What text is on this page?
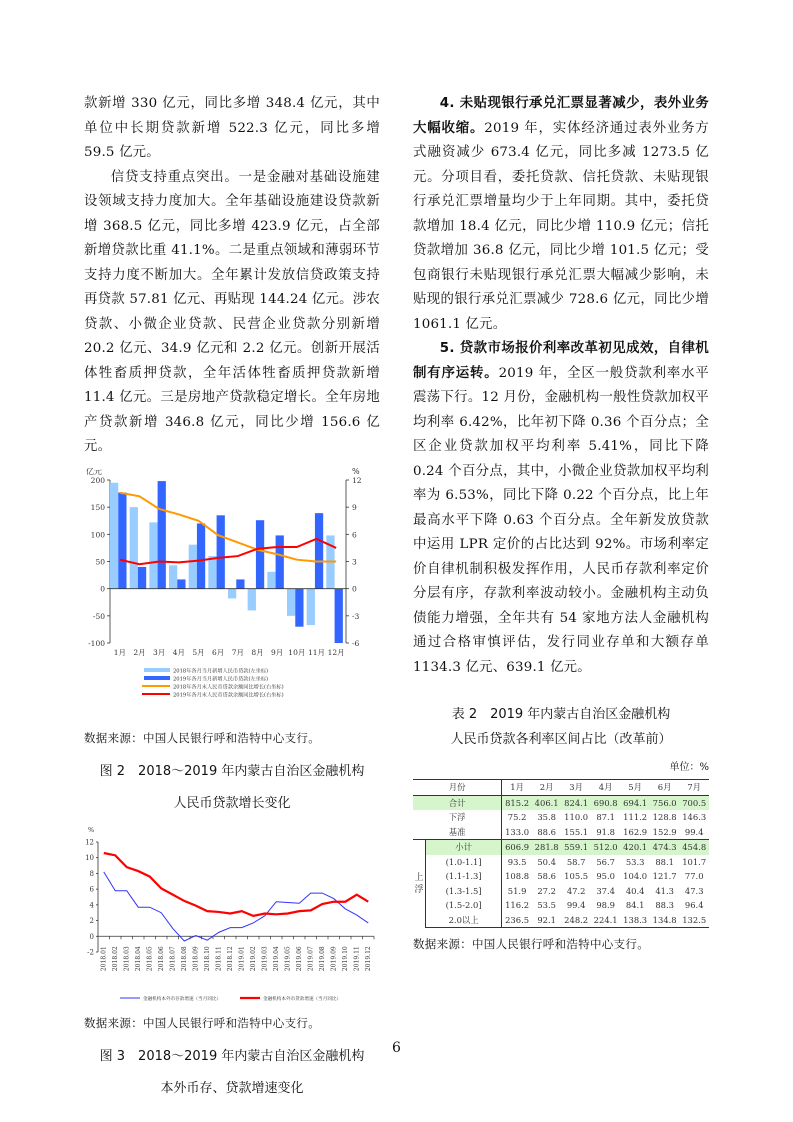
款新增 330 亿元，同比多增 348.4 亿元，其中单位中长期贷款新增 522.3 亿元，同比多增 59.5 亿元。

信贷支持重点突出。一是金融对基础设施建设领域支持力度加大。全年基础设施建设贷款新增 368.5 亿元，同比多增 423.9 亿元，占全部新增贷款比重 41.1%。二是重点领域和薄弱环节支持力度不断加大。全年累计发放信贷政策支持再贷款 57.81 亿元、再贴现 144.24 亿元。涉农贷款、小微企业贷款、民营企业贷款分别新增 20.2 亿元、34.9 亿元和 2.2 亿元。创新开展活体牲畜质押贷款，全年活体牲畜质押贷款新增 11.4 亿元。三是房地产贷款稳定增长。全年房地产贷款新增 346.8 亿元，同比少增 156.6 亿元。

亿元	%
200
150
100
50
0
-50
-100
12
9
6
3
0
-3
-6
1月 2月 3月 4月 5月 6月 7月 8月 9月 10月 11月 12月
2018年各月当月新增人民币贷款(左坐标)
2019年各月当月新增人民币贷款(左坐标)
2018年各月末人民币贷款余额同比增长(右坐标)
2019年各月末人民币贷款余额同比增长(右坐标)

数据来源：中国人民银行呼和浩特中心支行。

图 2　2018～2019 年内蒙古自治区金融机构

人民币贷款增长变化

%
12
10
8
6
4
2
0
-2 2018.01 2018.02 2018.03 2018.04 2018.05 2018.06 2018.07 2018.08 2018.09 2018.10 2018.11 2018.12 2019.01 2019.02 2019.03 2019.04 2019.05 2019.06 2019.07 2019.08 2019.09 2019.10 2019.11 2019.12
金融机构本外币存款增速（当月同比）	金融机构本外币贷款增速（当月同比）

数据来源：中国人民银行呼和浩特中心支行。

图 3　2018～2019 年内蒙古自治区金融机构

本外币存、贷款增速变化

4. 未贴现银行承兑汇票显著减少，表外业务大幅收缩。2019 年，实体经济通过表外业务方式融资减少 673.4 亿元，同比多减 1273.5 亿元。分项目看，委托贷款、信托贷款、未贴现银行承兑汇票增量均少于上年同期。其中，委托贷款增加 18.4 亿元，同比少增 110.9 亿元；信托贷款增加 36.8 亿元，同比少增 101.5 亿元；受包商银行未贴现银行承兑汇票大幅减少影响，未贴现的银行承兑汇票减少 728.6 亿元，同比少增 1061.1 亿元。

5. 贷款市场报价利率改革初见成效，自律机制有序运转。2019 年，全区一般贷款利率水平震荡下行。12 月份，金融机构一般性贷款加权平均利率 6.42%，比年初下降 0.36 个百分点；全区企业贷款加权平均利率 5.41%，同比下降 0.24 个百分点，其中，小微企业贷款加权平均利率为 6.53%，同比下降 0.22 个百分点，比上年最高水平下降 0.63 个百分点。全年新发放贷款中运用 LPR 定价的占比达到 92%。市场利率定价自律机制积极发挥作用，人民币存款利率定价分层有序，存款利率波动较小。金融机构主动负债能力增强，全年共有 54 家地方法人金融机构通过合格审慎评估，发行同业存单和大额存单 1134.3 亿元、639.1 亿元。

表 2　2019 年内蒙古自治区金融机构

人民币贷款各利率区间占比（改革前）

单位：%

月份		1月	2月	3月	4月	5月	6月	7月
合计		815.2	406.1	824.1	690.8	694.1	756.0	700.5
下浮		75.2	35.8	110.0	87.1	111.2	128.8	146.3
基准		133.0	88.6	155.1	91.8	162.9	152.9	99.4
上浮	小计	606.9	281.8	559.1	512.0	420.1	474.3	454.8
	(1.0-1.1]	93.5	50.4	58.7	56.7	53.3	88.1	101.7
	(1.1-1.3]	108.8	58.6	105.5	95.0	104.0	121.7	77.0
	(1.3-1.5]	51.9	27.2	47.2	37.4	40.4	41.3	47.3
	(1.5-2.0]	116.2	53.5	99.4	98.9	84.1	88.3	96.4
	2.0以上	236.5	92.1	248.2	224.1	138.3	134.8	132.5

数据来源：中国人民银行呼和浩特中心支行。

6
